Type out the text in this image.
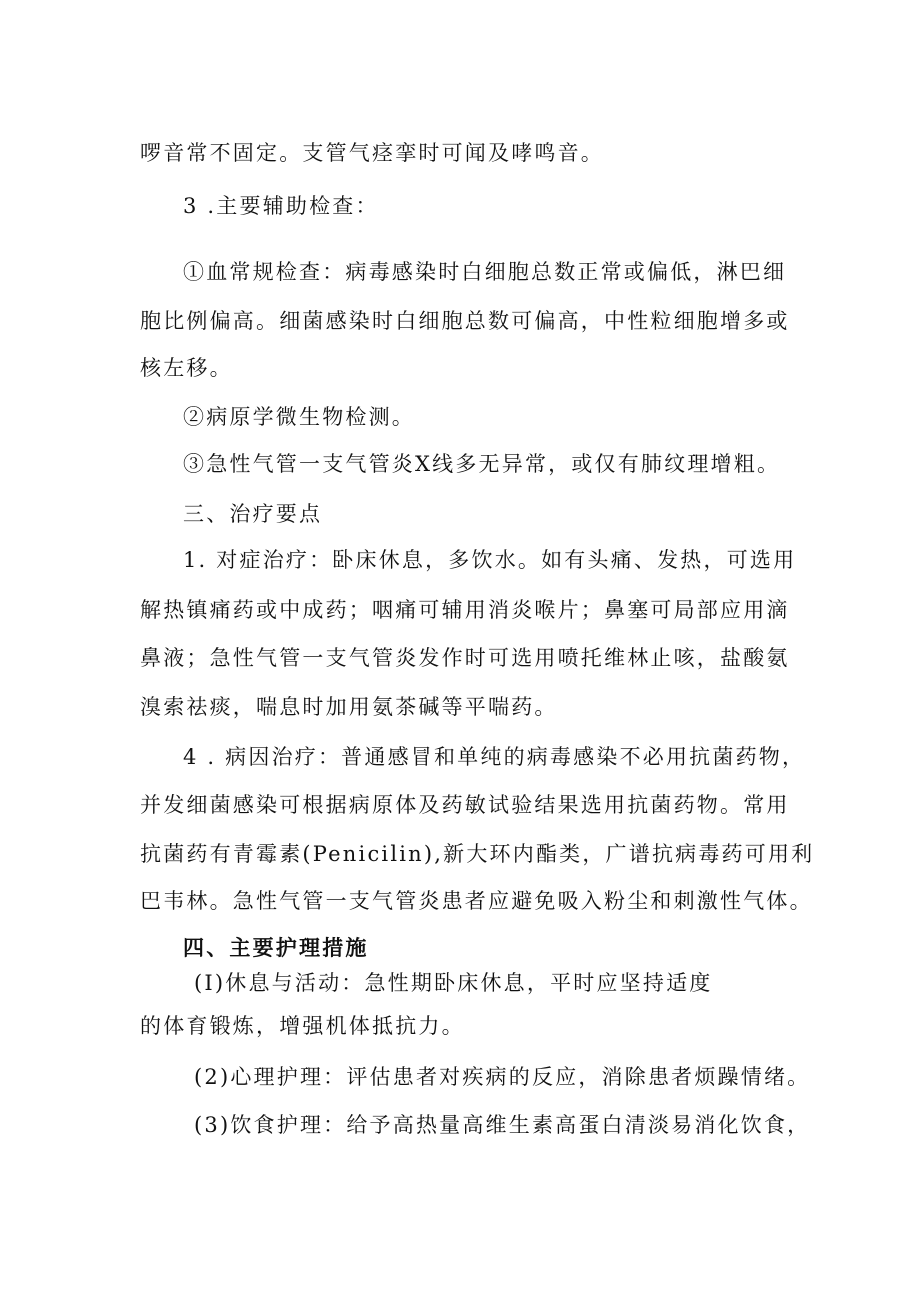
啰音常不固定。支管气痉挛时可闻及哮鸣音。
3 .主要辅助检查：
①血常规检查：病毒感染时白细胞总数正常或偏低，淋巴细
胞比例偏高。细菌感染时白细胞总数可偏高，中性粒细胞增多或
核左移。
②病原学微生物检测。
③急性气管一支气管炎X线多无异常，或仅有肺纹理增粗。
三、治疗要点
1. 对症治疗：卧床休息，多饮水。如有头痛、发热，可选用
解热镇痛药或中成药；咽痛可辅用消炎喉片；鼻塞可局部应用滴
鼻液；急性气管一支气管炎发作时可选用喷托维林止咳，盐酸氨
溴索祛痰，喘息时加用氨茶碱等平喘药。
4 . 病因治疗：普通感冒和单纯的病毒感染不必用抗菌药物，
并发细菌感染可根据病原体及药敏试验结果选用抗菌药物。常用
抗菌药有青霉素(Penicilin),新大环内酯类，广谱抗病毒药可用利
巴韦林。急性气管一支气管炎患者应避免吸入粉尘和刺激性气体。
四、主要护理措施
(I)休息与活动：急性期卧床休息，平时应坚持适度
的体育锻炼，增强机体抵抗力。
(2)心理护理：评估患者对疾病的反应，消除患者烦躁情绪。
(3)饮食护理：给予高热量高维生素高蛋白清淡易消化饮食，
